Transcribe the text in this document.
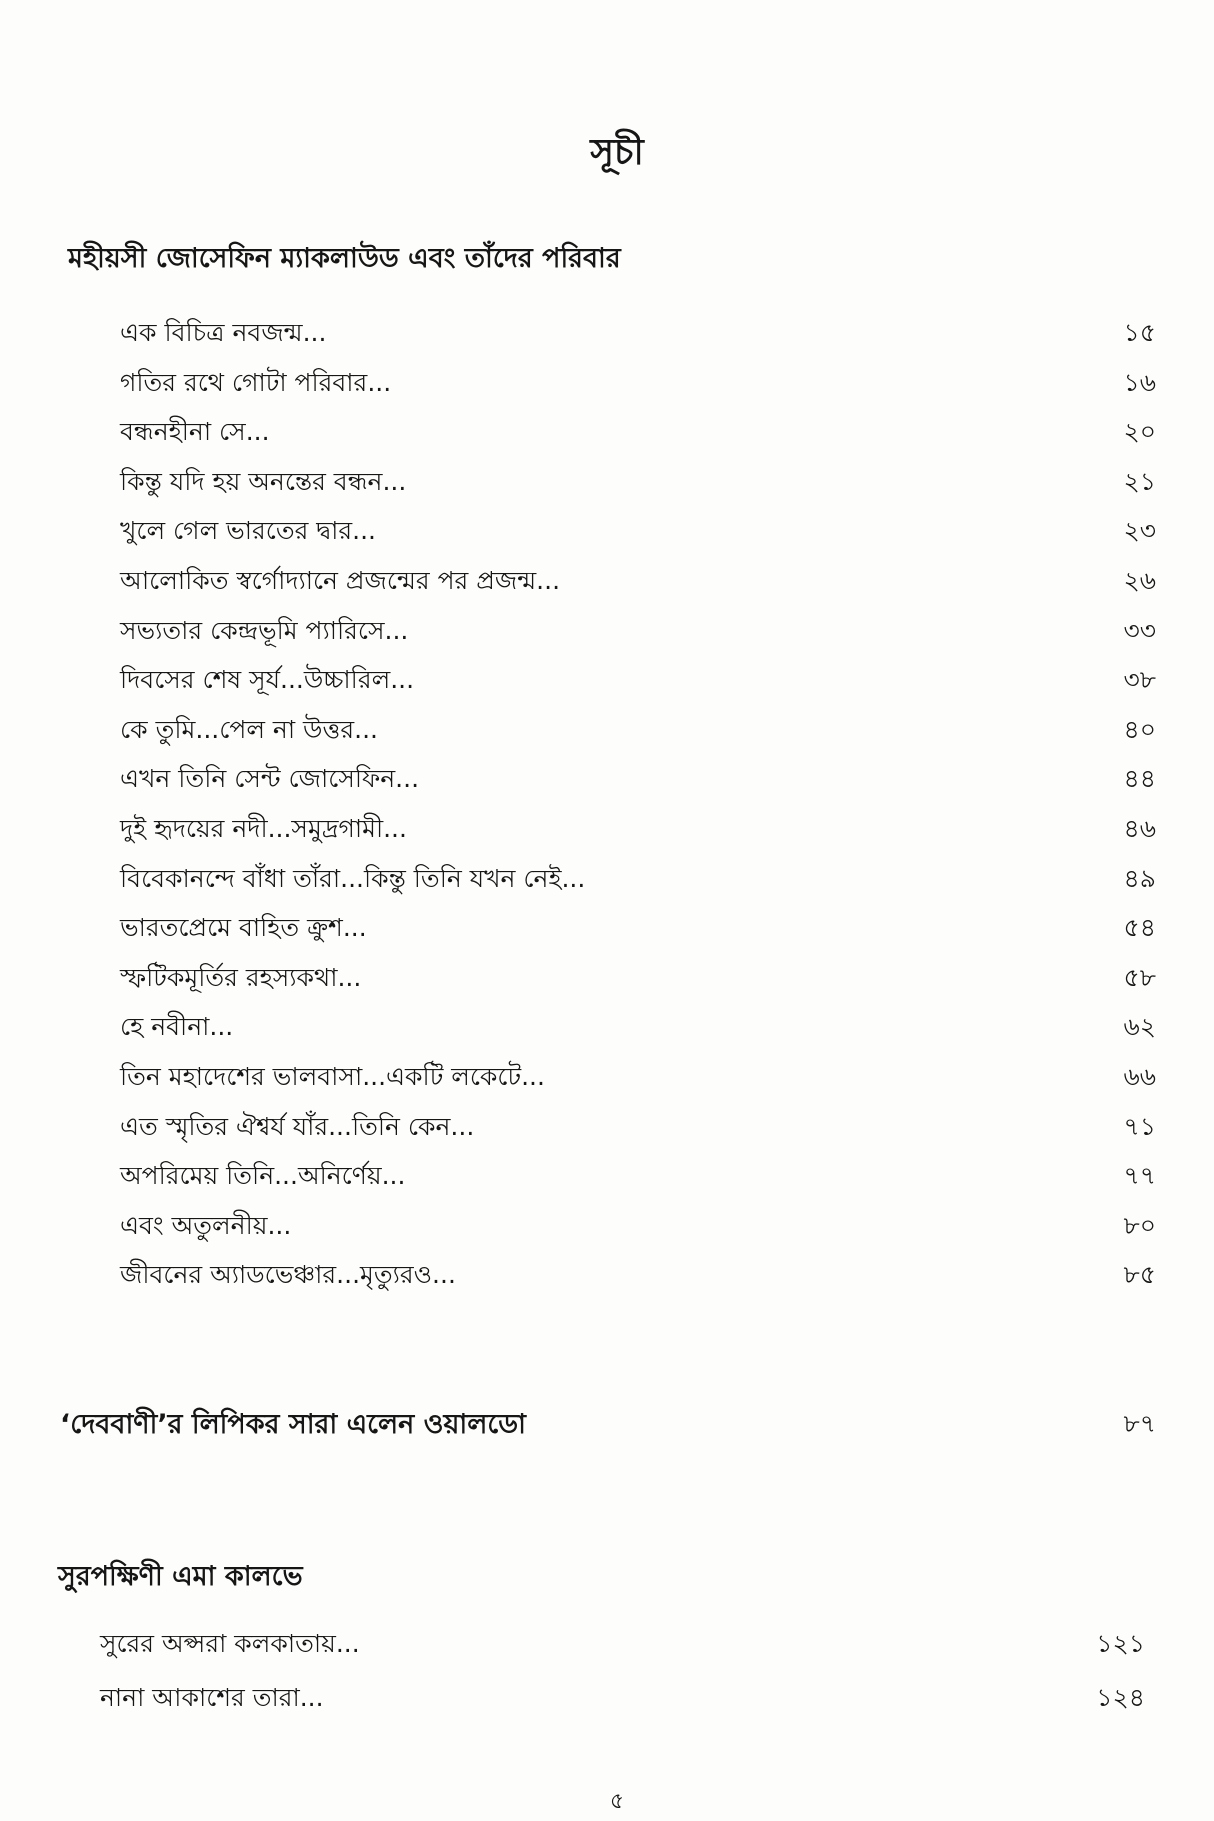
সূচী
মহীয়সী জোসেফিন ম্যাকলাউড এবং তাঁদের পরিবার
এক বিচিত্র নবজন্ম...	১৫
গতির রথে গোটা পরিবার...	১৬
বন্ধনহীনা সে...	২০
কিন্তু যদি হয় অনন্তের বন্ধন...	২১
খুলে গেল ভারতের দ্বার...	২৩
আলোকিত স্বর্গোদ্যানে প্রজন্মের পর প্রজন্ম...	২৬
সভ্যতার কেন্দ্রভূমি প্যারিসে...	৩৩
দিবসের শেষ সূর্য...উচ্চারিল...	৩৮
কে তুমি...পেল না উত্তর...	৪০
এখন তিনি সেন্ট জোসেফিন...	৪৪
দুই হৃদয়ের নদী...সমুদ্রগামী...	৪৬
বিবেকানন্দে বাঁধা তাঁরা...কিন্তু তিনি যখন নেই...	৪৯
ভারতপ্রেমে বাহিত ক্রুশ...	৫৪
স্ফটিকমূর্তির রহস্যকথা...	৫৮
হে নবীনা...	৬২
তিন মহাদেশের ভালবাসা...একটি লকেটে...	৬৬
এত স্মৃতির ঐশ্বর্য যাঁর...তিনি কেন...	৭১
অপরিমেয় তিনি...অনির্ণেয়...	৭৭
এবং অতুলনীয়...	৮০
জীবনের অ্যাডভেঞ্চার...মৃত্যুরও...	৮৫
‘দেববাণী’র লিপিকর সারা এলেন ওয়ালডো	৮৭
সুরপক্ষিণী এমা কালভে
সুরের অপ্সরা কলকাতায়...	১২১
নানা আকাশের তারা...	১২৪
৫
